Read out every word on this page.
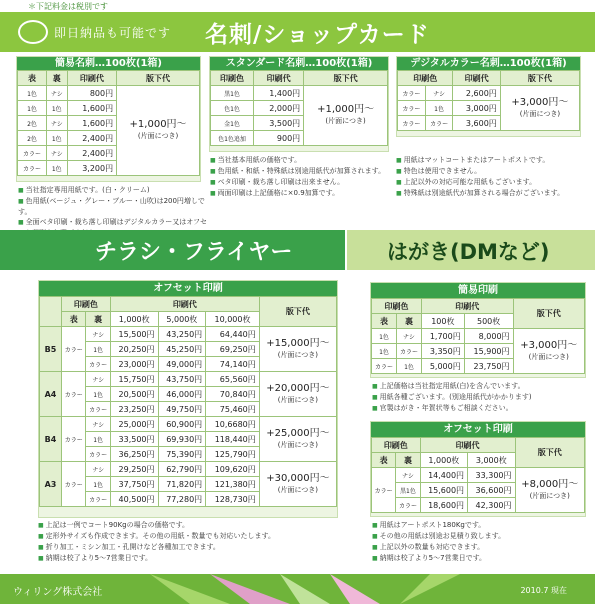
＊下記料金は税別です
即日納品も可能です 名刺/ショップカード
簡易名刺…100枚(1箱)
表	裏	印刷代	版下代
1色	ナシ	800円	+1,000円〜
(片面につき)
1色	1色	1,600円	
2色	ナシ	1,600円	
2色	1色	2,400円	
カラー	ナシ	2,400円	
カラー	1色	3,200円	
スタンダード名刺…100枚(1箱)
印刷色	印刷代	版下代
黒1色	1,400円	+1,000円〜
(片面につき)
色1色	2,000円	
金1色	3,500円	
色1色追加	900円	
デジタルカラー名刺…100枚(1箱)
印刷色		印刷代	版下代
カラー	ナシ	2,600円	+3,000円〜
(片面につき)
カラー	1色	3,000円	
カラー	カラー	3,600円	
■ 当社指定専用用紙です。(白・クリーム)
■ 色用紙(ベージュ・グレー・ブルー・山吹)は200円増しです。
■ 全面ベタ印刷・裁ち落し印刷はデジタルカラー又はオフセ
■ 当社基本用紙の価格です。
■ 色用紙・和紙・特殊紙は別途用紙代が加算されます。
■ ベタ印刷・裁ち落し印刷は出来ません。
■ 両面印刷は上記価格に×0.9加算です。
■ 用紙はマットコートまたはアートポストです。
■ 特色は使用できません。
■ 上記以外の対応可能な用紙もございます。
■ 特殊紙は別途紙代が加算される場合がございます。
チラシ・フライヤー	はがき(DMなど)
オフセット印刷
	印刷色		印刷代			版下代
	表	裏	1,000枚	5,000枚	10,000枚	

B5	カラー	ナシ	15,500円	43,250円	64,440円	+15,000円〜
(片面につき)
		1色	20,250円	45,250円	69,250円	
		カラー	23,000円	49,000円	74,140円	
A4	カラー	ナシ	15,750円	43,750円	65,560円	+20,000円〜
(片面につき)
		1色	20,500円	46,000円	70,840円	
		カラー	23,250円	49,750円	75,460円	
B4	カラー	ナシ	25,000円	60,900円	10,6680円	+25,000円〜
(片面につき)
		1色	33,500円	69,930円	118,440円	
		カラー	36,250円	75,390円	125,790円	
A3	カラー	ナシ	29,250円	62,790円	109,620円	+30,000円〜
(片面につき)
		1色	37,750円	71,820円	121,380円	
		カラー	40,500円	77,280円	128,730円	
■ 上記は一例でコート90Kgの場合の価格です。
■ 定形外サイズも作成できます。その他の用紙・数量でも対応いたします。
■ 折り加工・ミシン加工・孔開けなど各種加工できます。
■ 納期は校了より5〜7営業日です。
簡易印刷
印刷色		印刷代		版下代
表	裏	100枚	500枚	
1色	ナシ	1,700円	8,000円	+3,000円〜
(片面につき)
1色	カラー	3,350円	15,900円	
カラー	1色	5,000円	23,750円	
■ 上記価格は当社指定用紙(白)を含んでいます。
■ 用紙各種ございます。(別途用紙代がかかります)
■ 官製はがき・年賀状等もご相談ください。
オフセット印刷
印刷色		印刷代		版下代
表	裏	1,000枚	3,000枚	
カラー	ナシ	14,400円	33,300円	+8,000円〜
(片面につき)
	黒1色	15,600円	36,600円	
	カラー	18,600円	42,300円	
■ 用紙はアートポスト180Kgです。
■ その他の用紙は別途お見積り致します。
■ 上記以外の数量も対応できます。
■ 納期は校了より5〜7営業日です。
ウィリング株式会社	2010.7 現在
